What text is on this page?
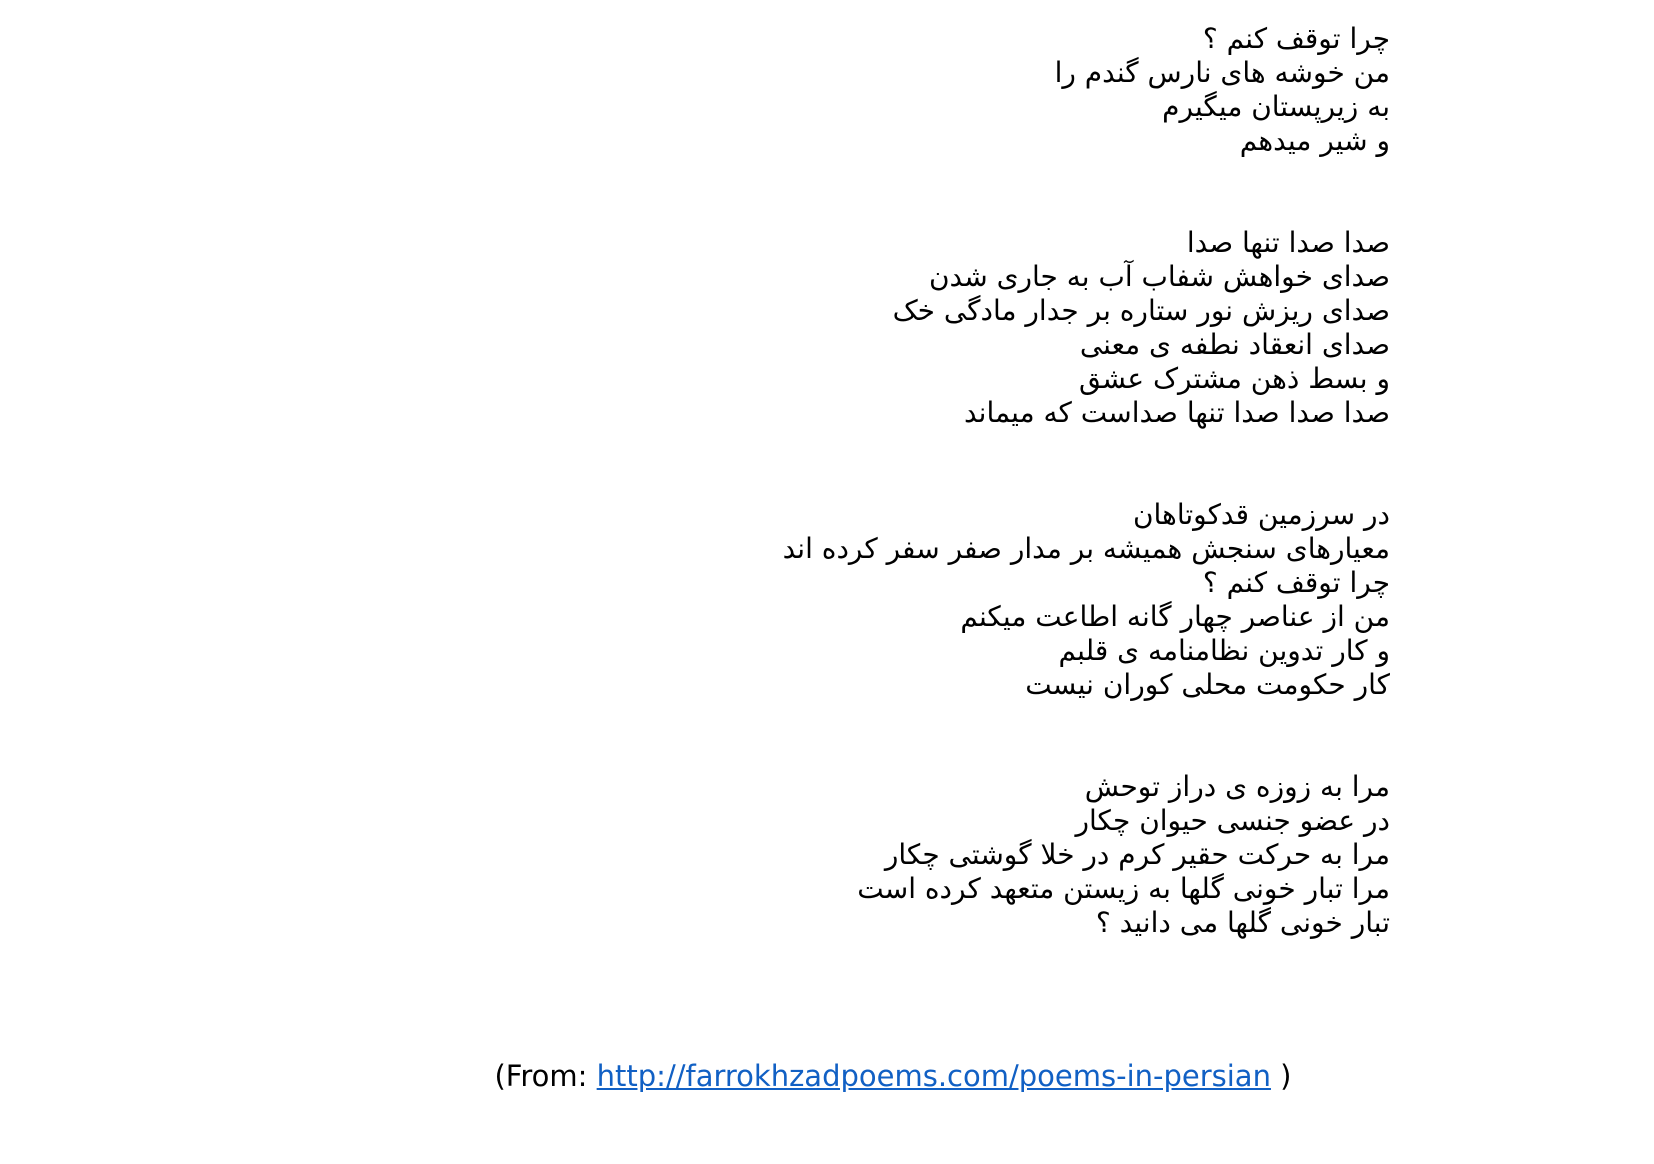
چرا توقف کنم ؟
من خوشه های نارس گندم را
به زیرپستان میگیرم
و شیر میدهم
صدا صدا تنها صدا
صدای خواهش شفاب آب به جاری شدن
صدای ریزش نور ستاره بر جدار مادگی خک
صدای انعقاد نطفه ی معنی
و بسط ذهن مشترک عشق
صدا صدا صدا تنها صداست که میماند
در سرزمین قدکوتاهان
معیارهای سنجش همیشه بر مدار صفر سفر کرده اند
چرا توقف کنم ؟
من از عناصر چهار گانه اطاعت میکنم
و کار تدوین نظامنامه ی قلبم
کار حکومت محلی کوران نیست
مرا به زوزه ی دراز توحش
در عضو جنسی حیوان چکار
مرا به حرکت حقیر کرم در خلا گوشتی چکار
مرا تبار خونی گلها به زیستن متعهد کرده است
تبار خونی گلها می دانید ؟
(From: http://farrokhzadpoems.com/poems-in-persian )
